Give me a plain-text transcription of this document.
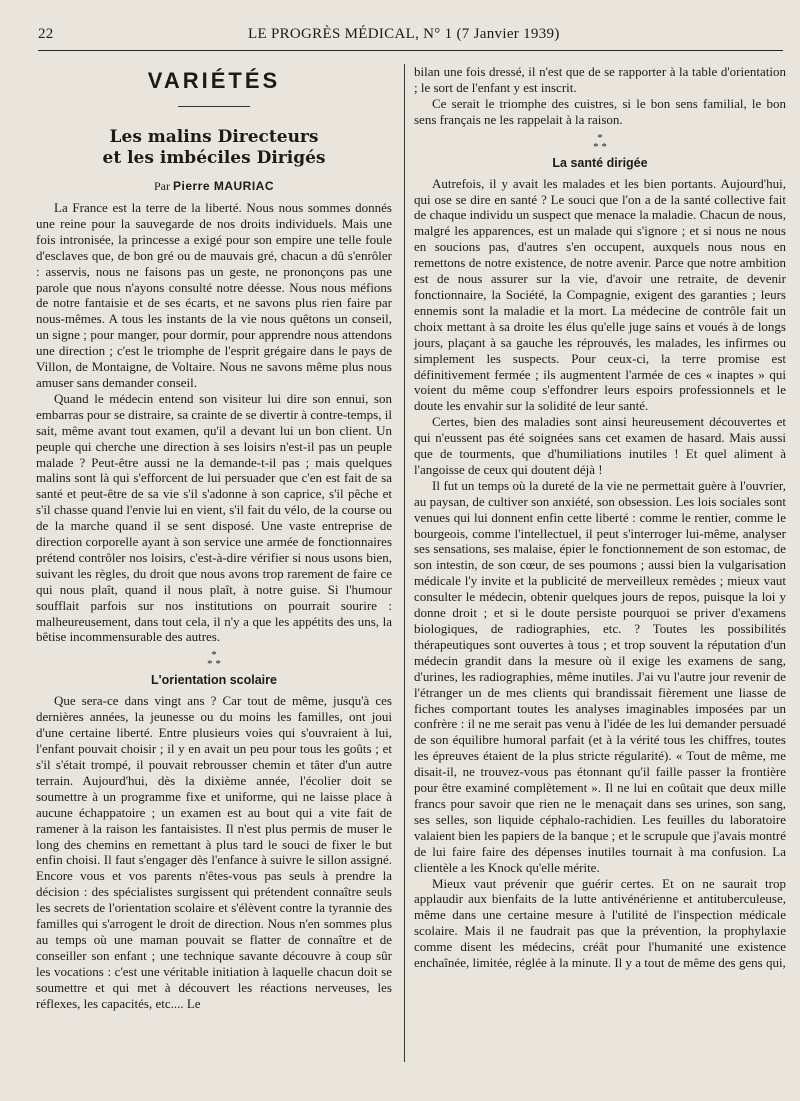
22	LE PROGRÈS MÉDICAL, N° 1 (7 Janvier 1939)
VARIÉTÉS
Les malins Directeurs
et les imbéciles Dirigés
Par Pierre MAURIAC

La France est la terre de la liberté. Nous nous sommes donnés une reine pour la sauvegarde de nos droits individuels. Mais une fois intronisée, la princesse a exigé pour son empire une telle foule d'esclaves que, de bon gré ou de mauvais gré, chacun a dû s'enrôler : asservis, nous ne faisons pas un geste, ne prononçons pas une parole que nous n'ayons consulté notre déesse. Nous nous méfions de notre fantaisie et de ses écarts, et ne savons plus rien faire par nous-mêmes. A tous les instants de la vie nous quêtons un conseil, un signe ; pour manger, pour dormir, pour apprendre nous attendons une direction ; c'est le triomphe de l'esprit grégaire dans le pays de Villon, de Montaigne, de Voltaire. Nous ne savons même plus nous amuser sans demander conseil.

Quand le médecin entend son visiteur lui dire son ennui, son embarras pour se distraire, sa crainte de se divertir à contre-temps, il sait, même avant tout examen, qu'il a devant lui un bon client. Un peuple qui cherche une direction à ses loisirs n'est-il pas un peuple malade ? Peut-être aussi ne la demande-t-il pas ; mais quelques malins sont là qui s'efforcent de lui persuader que c'en est fait de sa santé et peut-être de sa vie s'il s'adonne à son caprice, s'il pêche et s'il chasse quand l'envie lui en vient, s'il fait du vélo, de la course ou de la marche quand il se sent disposé. Une vaste entreprise de direction corporelle ayant à son service une armée de fonctionnaires prétend contrôler nos loisirs, c'est-à-dire vérifier si nous usons bien, suivant les règles, du droit que nous avons trop rarement de faire ce qui nous plaît, quand il nous plaît, à notre guise. Si l'humour soufflait parfois sur nos institutions on pourrait sourire : malheureusement, dans tout cela, il n'y a que les appétits des uns, la bêtise incommensurable des autres.

*
* *
L'orientation scolaire

Que sera-ce dans vingt ans ? Car tout de même, jusqu'à ces dernières années, la jeunesse ou du moins les familles, ont joui d'une certaine liberté. Entre plusieurs voies qui s'ouvraient à lui, l'enfant pouvait choisir ; il y en avait un peu pour tous les goûts ; et s'il s'était trompé, il pouvait rebrousser chemin et tâter d'un autre terrain. Aujourd'hui, dès la dixième année, l'écolier doit se soumettre à un programme fixe et uniforme, qui ne laisse place à aucune échappatoire ; un examen est au bout qui a vite fait de ramener à la raison les fantaisistes. Il n'est plus permis de muser le long des chemins en remettant à plus tard le souci de fixer le but enfin choisi. Il faut s'engager dès l'enfance à suivre le sillon assigné. Encore vous et vos parents n'êtes-vous pas seuls à prendre la décision : des spécialistes surgissent qui prétendent connaître seuls les secrets de l'orientation scolaire et s'élèvent contre la tyrannie des familles qui s'arrogent le droit de direction. Nous n'en sommes plus au temps où une maman pouvait se flatter de connaître et de conseiller son enfant ; une technique savante découvre à coup sûr les vocations : c'est une véritable initiation à laquelle chacun doit se soumettre et qui met à découvert les réactions nerveuses, les réflexes, les capacités, etc.... Le

bilan une fois dressé, il n'est que de se rapporter à la table d'orientation ; le sort de l'enfant y est inscrit.

Ce serait le triomphe des cuistres, si le bon sens familial, le bon sens français ne les rappelait à la raison.

*
* *
La santé dirigée

Autrefois, il y avait les malades et les bien portants. Aujourd'hui, qui ose se dire en santé ? Le souci que l'on a de la santé collective fait de chaque individu un suspect que menace la maladie. Chacun de nous, malgré les apparences, est un malade qui s'ignore ; et si nous ne nous en soucions pas, d'autres s'en occupent, auxquels nous nous en remettons de notre existence, de notre avenir. Parce que notre ambition est de nous assurer sur la vie, d'avoir une retraite, de devenir fonctionnaire, la Société, la Compagnie, exigent des garanties ; leurs ennemis sont la maladie et la mort. La médecine de contrôle fait un choix mettant à sa droite les élus qu'elle juge sains et voués à de longs jours, plaçant à sa gauche les réprouvés, les malades, les infirmes ou simplement les suspects. Pour ceux-ci, la terre promise est définitivement fermée ; ils augmentent l'armée de ces « inaptes » qui voient du même coup s'effondrer leurs espoirs professionnels et le doute les envahir sur la solidité de leur santé.

Certes, bien des maladies sont ainsi heureusement découvertes et qui n'eussent pas été soignées sans cet examen de hasard. Mais aussi que de tourments, que d'humiliations inutiles ! Et quel aliment à l'angoisse de ceux qui doutent déjà !

Il fut un temps où la dureté de la vie ne permettait guère à l'ouvrier, au paysan, de cultiver son anxiété, son obsession. Les lois sociales sont venues qui lui donnent enfin cette liberté : comme le rentier, comme le bourgeois, comme l'intellectuel, il peut s'interroger lui-même, analyser ses sensations, ses malaise, épier le fonctionnement de son estomac, de son intestin, de son cœur, de ses poumons ; aussi bien la vulgarisation médicale l'y invite et la publicité de merveilleux remèdes ; mieux vaut consulter le médecin, obtenir quelques jours de repos, puisque la loi y donne droit ; et si le doute persiste pourquoi se priver d'examens biologiques, de radiographies, etc. ? Toutes les possibilités thérapeutiques sont ouvertes à tous ; et trop souvent la réputation d'un médecin grandit dans la mesure où il exige les examens de sang, d'urines, les radiographies, même inutiles. J'ai vu l'autre jour revenir de l'étranger un de mes clients qui brandissait fièrement une liasse de fiches comportant toutes les analyses imaginables imposées par un confrère : il ne me serait pas venu à l'idée de les lui demander persuadé de son équilibre humoral parfait (et à la vérité tous les chiffres, toutes les épreuves étaient de la plus stricte régularité). « Tout de même, me disait-il, ne trouvez-vous pas étonnant qu'il faille passer la frontière pour être examiné complètement ». Il ne lui en coûtait que deux mille francs pour savoir que rien ne le menaçait dans ses urines, son sang, ses selles, son liquide céphalo-rachidien. Les feuilles du laboratoire valaient bien les papiers de la banque ; et le scrupule que j'avais montré de lui faire faire des dépenses inutiles tournait à ma confusion. La clientèle a les Knock qu'elle mérite.

Mieux vaut prévenir que guérir certes. Et on ne saurait trop applaudir aux bienfaits de la lutte antivénérienne et antituberculeuse, même dans une certaine mesure à l'utilité de l'inspection médicale scolaire. Mais il ne faudrait pas que la prévention, la prophylaxie comme disent les médecins, créât pour l'humanité une existence enchaînée, limitée, réglée à la minute. Il y a tout de même des gens qui,
